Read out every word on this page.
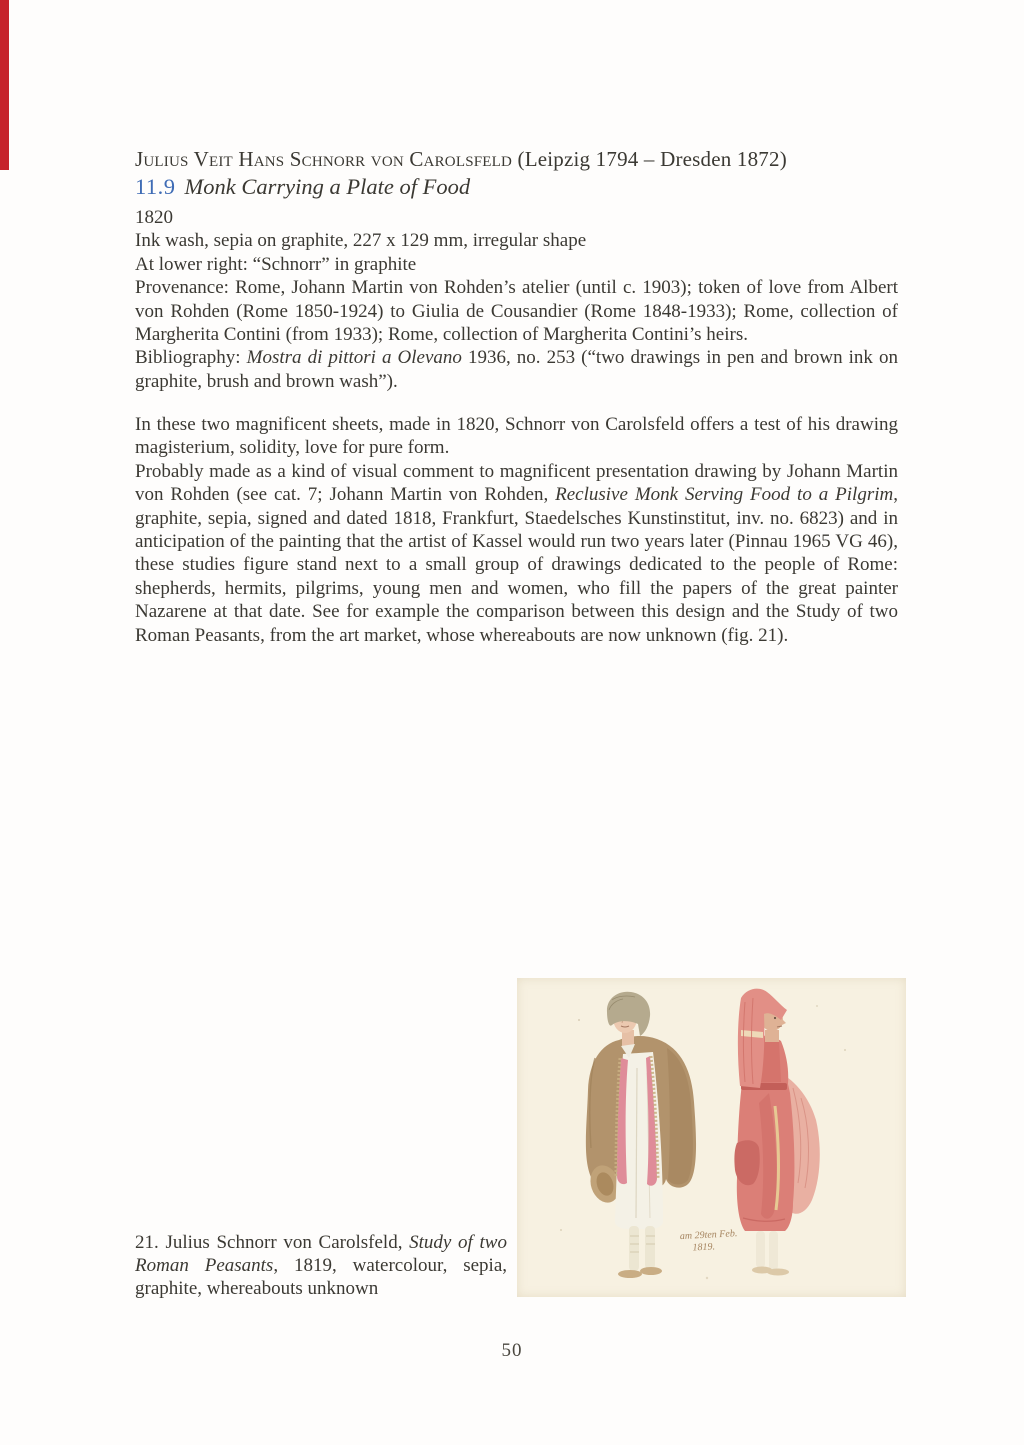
Julius Veit Hans Schnorr von Carolsfeld (Leipzig 1794 – Dresden 1872)
11.9 Monk Carrying a Plate of Food
1820
Ink wash, sepia on graphite, 227 x 129 mm, irregular shape
At lower right: “Schnorr” in graphite
Provenance: Rome, Johann Martin von Rohden’s atelier (until c. 1903); token of love from Albert von Rohden (Rome 1850-1924) to Giulia de Cousandier (Rome 1848-1933); Rome, collection of Margherita Contini (from 1933); Rome, collection of Margherita Contini’s heirs.
Bibliography: Mostra di pittori a Olevano 1936, no. 253 (“two drawings in pen and brown ink on graphite, brush and brown wash”).
In these two magnificent sheets, made in 1820, Schnorr von Carolsfeld offers a test of his drawing magisterium, solidity, love for pure form.
Probably made as a kind of visual comment to magnificent presentation drawing by Johann Martin von Rohden (see cat. 7; Johann Martin von Rohden, Reclusive Monk Serving Food to a Pilgrim, graphite, sepia, signed and dated 1818, Frankfurt, Staedelsches Kunstinstitut, inv. no. 6823) and in anticipation of the painting that the artist of Kassel would run two years later (Pinnau 1965 VG 46), these studies figure stand next to a small group of drawings dedicated to the people of Rome: shepherds, hermits, pilgrims, young men and women, who fill the papers of the great painter Nazarene at that date. See for example the comparison between this design and the Study of two Roman Peasants, from the art market, whose whereabouts are now unknown (fig. 21).
am 29ten Feb.
1819.
21. Julius Schnorr von Carolsfeld, Study of two Roman Peasants, 1819, watercolour, sepia, graphite, whereabouts unknown
50
